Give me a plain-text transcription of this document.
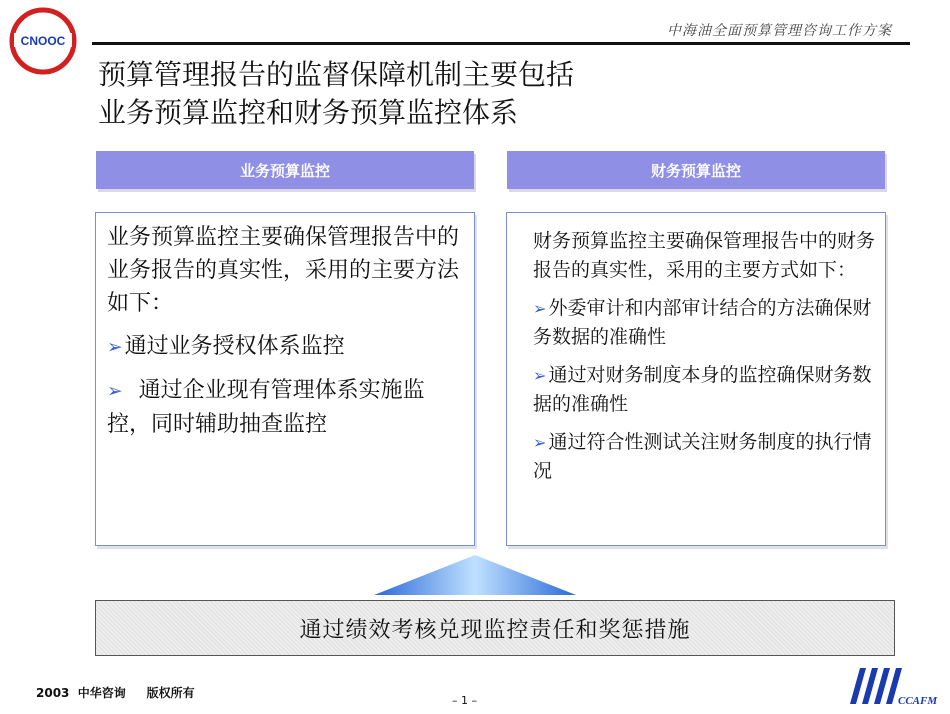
CNOOC
中海油全面预算管理咨询工作方案
预算管理报告的监督保障机制主要包括
业务预算监控和财务预算监控体系
业务预算监控	财务预算监控

业务预算监控主要确保管理报告中的业务报告的真实性，采用的主要方法如下：

➢通过业务授权体系监控
➢  通过企业现有管理体系实施监控，同时辅助抽查监控

财务预算监控主要确保管理报告中的财务报告的真实性，采用的主要方式如下：

➢ 外委审计和内部审计结合的方法确保财务数据的准确性
➢ 通过对财务制度本身的监控确保财务数据的准确性
➢ 通过符合性测试关注财务制度的执行情况
通过绩效考核兑现监控责任和奖惩措施
2003  中华咨询     版权所有
– 1 –	CCAFM
